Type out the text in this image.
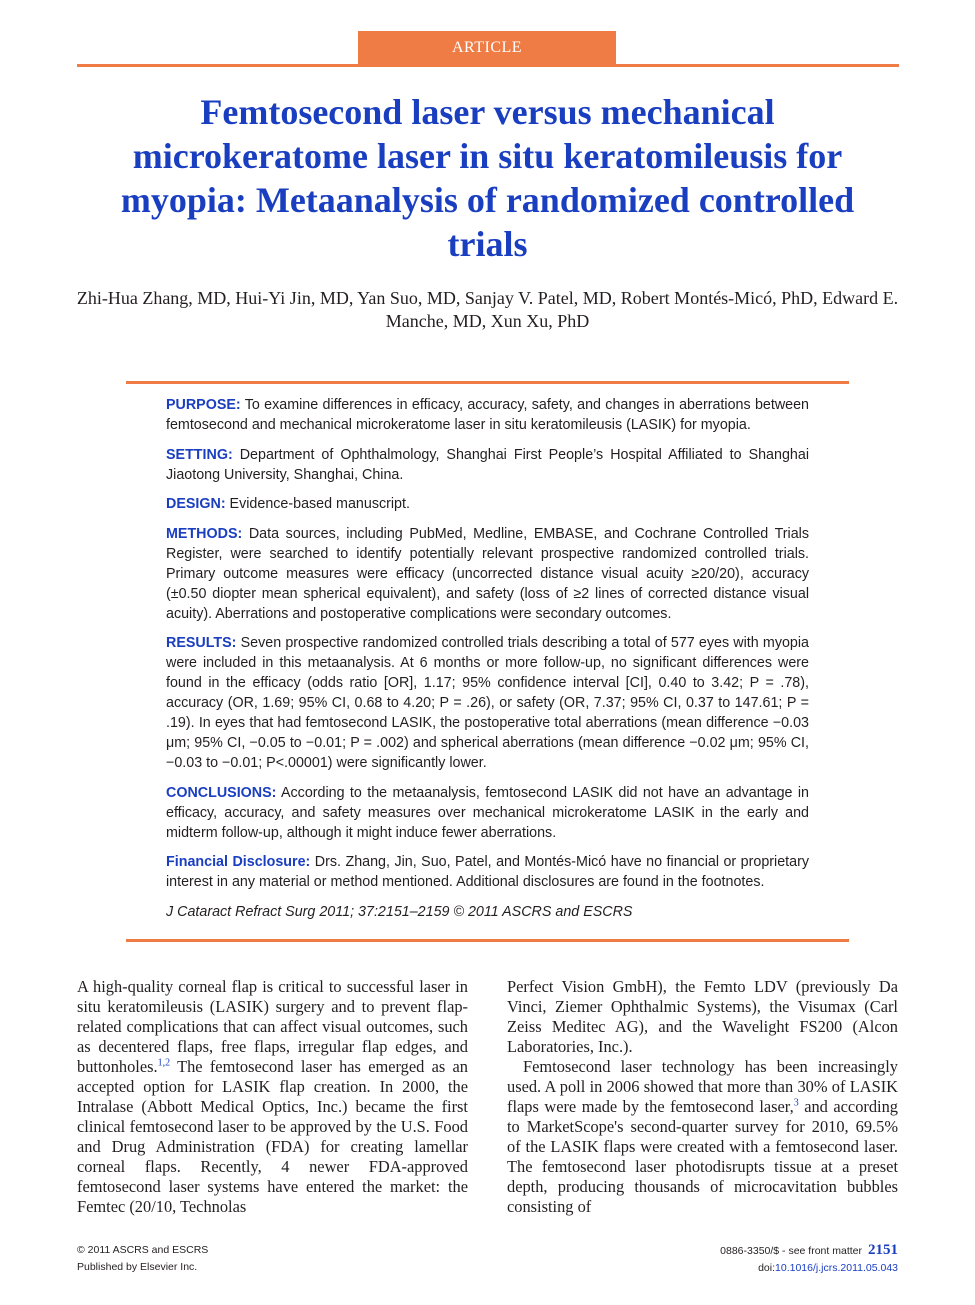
ARTICLE
Femtosecond laser versus mechanical microkeratome laser in situ keratomileusis for myopia: Metaanalysis of randomized controlled trials

Zhi-Hua Zhang, MD, Hui-Yi Jin, MD, Yan Suo, MD, Sanjay V. Patel, MD, Robert Montés-Micó, PhD, Edward E. Manche, MD, Xun Xu, PhD

PURPOSE: To examine differences in efficacy, accuracy, safety, and changes in aberrations between femtosecond and mechanical microkeratome laser in situ keratomileusis (LASIK) for myopia.

SETTING: Department of Ophthalmology, Shanghai First People’s Hospital Affiliated to Shanghai Jiaotong University, Shanghai, China.

DESIGN: Evidence-based manuscript.

METHODS: Data sources, including PubMed, Medline, EMBASE, and Cochrane Controlled Trials Register, were searched to identify potentially relevant prospective randomized controlled trials. Primary outcome measures were efficacy (uncorrected distance visual acuity ≥20/20), accuracy (±0.50 diopter mean spherical equivalent), and safety (loss of ≥2 lines of corrected distance visual acuity). Aberrations and postoperative complications were secondary outcomes.

RESULTS: Seven prospective randomized controlled trials describing a total of 577 eyes with myopia were included in this metaanalysis. At 6 months or more follow-up, no significant differences were found in the efficacy (odds ratio [OR], 1.17; 95% confidence interval [CI], 0.40 to 3.42; P = .78), accuracy (OR, 1.69; 95% CI, 0.68 to 4.20; P = .26), or safety (OR, 7.37; 95% CI, 0.37 to 147.61; P = .19). In eyes that had femtosecond LASIK, the postoperative total aberrations (mean difference −0.03 μm; 95% CI, −0.05 to −0.01; P = .002) and spherical aberrations (mean difference −0.02 μm; 95% CI, −0.03 to −0.01; P<.00001) were significantly lower.

CONCLUSIONS: According to the metaanalysis, femtosecond LASIK did not have an advantage in efficacy, accuracy, and safety measures over mechanical microkeratome LASIK in the early and midterm follow-up, although it might induce fewer aberrations.

Financial Disclosure: Drs. Zhang, Jin, Suo, Patel, and Montés-Micó have no financial or proprietary interest in any material or method mentioned. Additional disclosures are found in the footnotes.

J Cataract Refract Surg 2011; 37:2151–2159 © 2011 ASCRS and ESCRS

A high-quality corneal flap is critical to successful laser in situ keratomileusis (LASIK) surgery and to prevent flap-related complications that can affect visual outcomes, such as decentered flaps, free flaps, irregular flap edges, and buttonholes.$^{1,2}$ The femtosecond laser has emerged as an accepted option for LASIK flap creation. In 2000, the Intralase (Abbott Medical Optics, Inc.) became the first clinical femtosecond laser to be approved by the U.S. Food and Drug Administration (FDA) for creating lamellar corneal flaps. Recently, 4 newer FDA-approved femtosecond laser systems have entered the market: the Femtec (20/10, Technolas

Perfect Vision GmbH), the Femto LDV (previously Da Vinci, Ziemer Ophthalmic Systems), the Visumax (Carl Zeiss Meditec AG), and the Wavelight FS200 (Alcon Laboratories, Inc.).

Femtosecond laser technology has been increasingly used. A poll in 2006 showed that more than 30% of LASIK flaps were made by the femtosecond laser,$^3$ and according to MarketScope's second-quarter survey for 2010, 69.5% of the LASIK flaps were created with a femtosecond laser. The femtosecond laser photodisrupts tissue at a preset depth, producing thousands of microcavitation bubbles consisting of

© 2011 ASCRS and ESCRS
Published by Elsevier Inc.
0886-3350/$ - see front matter 2151
doi:10.1016/j.jcrs.2011.05.043
